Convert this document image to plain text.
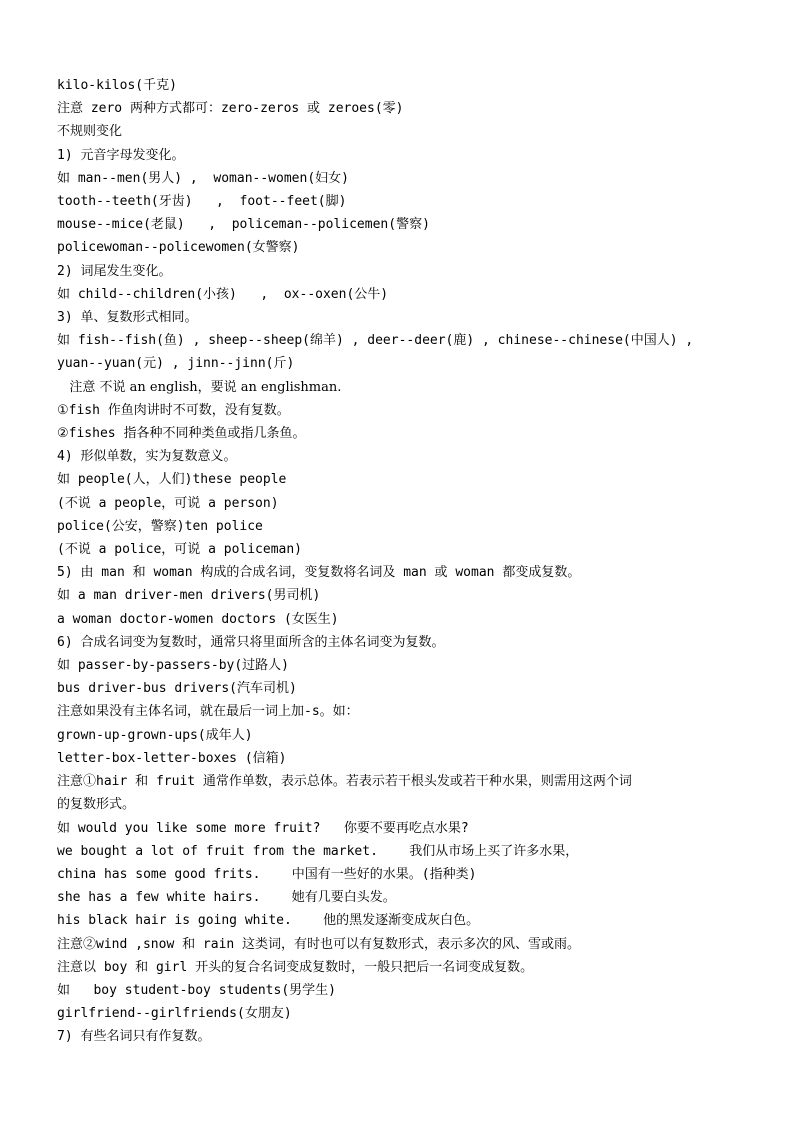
kilo-kilos(千克)
注意 zero 两种方式都可：zero-zeros 或 zeroes(零)
不规则变化
1) 元音字母发变化。
如 man--men(男人) ,  woman--women(妇女)
tooth--teeth(牙齿)   ,  foot--feet(脚)
mouse--mice(老鼠)   ,  policeman--policemen(警察)
policewoman--policewomen(女警察)
2) 词尾发生变化。
如 child--children(小孩)   ,  ox--oxen(公牛)
3) 单、复数形式相同。
如 fish--fish(鱼) , sheep--sheep(绵羊) , deer--deer(鹿) , chinese--chinese(中国人) ,
yuan--yuan(元) , jinn--jinn(斤)
注意 不说 an english，要说 an englishman.
①fish 作鱼肉讲时不可数，没有复数。
②fishes 指各种不同种类鱼或指几条鱼。
4) 形似单数，实为复数意义。
如 people(人，人们)these people
(不说 a people，可说 a person)
police(公安，警察)ten police
(不说 a police，可说 a policeman)
5) 由 man 和 woman 构成的合成名词，变复数将名词及 man 或 woman 都变成复数。
如 a man driver-men drivers(男司机)
a woman doctor-women doctors (女医生)
6) 合成名词变为复数时，通常只将里面所含的主体名词变为复数。
如 passer-by-passers-by(过路人)
bus driver-bus drivers(汽车司机)
注意如果没有主体名词，就在最后一词上加-s。如：
grown-up-grown-ups(成年人)
letter-box-letter-boxes (信箱)
注意①hair 和 fruit 通常作单数，表示总体。若表示若干根头发或若干种水果，则需用这两个词
的复数形式。
如 would you like some more fruit?   你要不要再吃点水果?
we bought a lot of fruit from the market.    我们从市场上买了许多水果，
china has some good frits.    中国有一些好的水果。(指种类)
she has a few white hairs.    她有几要白头发。
his black hair is going white.    他的黑发逐渐变成灰白色。
注意②wind ,snow 和 rain 这类词，有时也可以有复数形式，表示多次的风、雪或雨。
注意以 boy 和 girl 开头的复合名词变成复数时，一般只把后一名词变成复数。
如   boy student-boy students(男学生)
girlfriend--girlfriends(女朋友)
7) 有些名词只有作复数。
